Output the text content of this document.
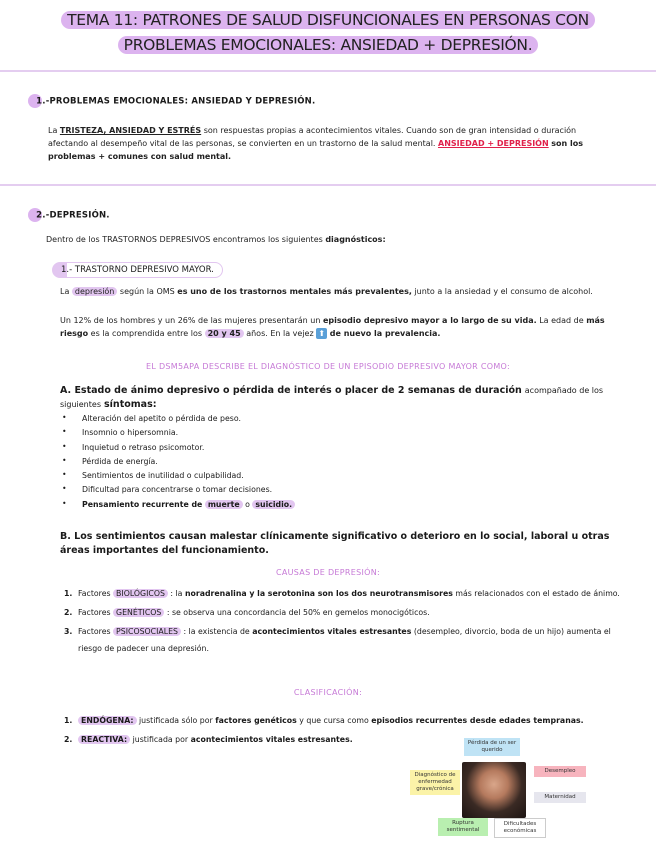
TEMA 11: PATRONES DE SALUD DISFUNCIONALES EN PERSONAS CON
PROBLEMAS EMOCIONALES: ANSIEDAD + DEPRESIÓN.
1.-PROBLEMAS EMOCIONALES: ANSIEDAD Y DEPRESIÓN.
La TRISTEZA, ANSIEDAD Y ESTRÉS son respuestas propias a acontecimientos vitales. Cuando son de gran intensidad o duración afectando al desempeño vital de las personas, se convierten en un trastorno de la salud mental. ANSIEDAD + DEPRESIÓN son los problemas + comunes con salud mental.
2.-DEPRESIÓN.
Dentro de los TRASTORNOS DEPRESIVOS encontramos los siguientes diagnósticos:
1.- TRASTORNO DEPRESIVO MAYOR.
La depresión según la OMS es uno de los trastornos mentales más prevalentes, junto a la ansiedad y el consumo de alcohol.
Un 12% de los hombres y un 26% de las mujeres presentarán un episodio depresivo mayor a lo largo de su vida. La edad de más riesgo es la comprendida entre los 20 y 45 años. En la vejez ⬆ de nuevo la prevalencia.
EL DSM5APA DESCRIBE EL DIAGNÓSTICO DE UN EPISODIO DEPRESIVO MAYOR COMO:
A. Estado de ánimo depresivo o pérdida de interés o placer de 2 semanas de duración acompañado de los siguientes síntomas:
• Alteración del apetito o pérdida de peso.
• Insomnio o hipersomnia.
• Inquietud o retraso psicomotor.
• Pérdida de energía.
• Sentimientos de inutilidad o culpabilidad.
• Dificultad para concentrarse o tomar decisiones.
• Pensamiento recurrente de muerte o suicidio.
B. Los sentimientos causan malestar clínicamente significativo o deterioro en lo social, laboral u otras áreas importantes del funcionamiento.
CAUSAS DE DEPRESIÓN:
1. Factores BIOLÓGICOS : la noradrenalina y la serotonina son los dos neurotransmisores más relacionados con el estado de ánimo.
2. Factores GENÉTICOS : se observa una concordancia del 50% en gemelos monocigóticos.
3. Factores PSICOSOCIALES : la existencia de acontecimientos vitales estresantes (desempleo, divorcio, boda de un hijo) aumenta el riesgo de padecer una depresión.
CLASIFICACIÓN:
1. ENDÓGENA: justificada sólo por factores genéticos y que cursa como episodios recurrentes desde edades tempranas.
2. REACTIVA: justificada por acontecimientos vitales estresantes.	Pérdida de un ser querido
Diagnóstico de enfermedad grave/crónica
Desempleo
Maternidad
Ruptura sentimental
Dificultades económicas
